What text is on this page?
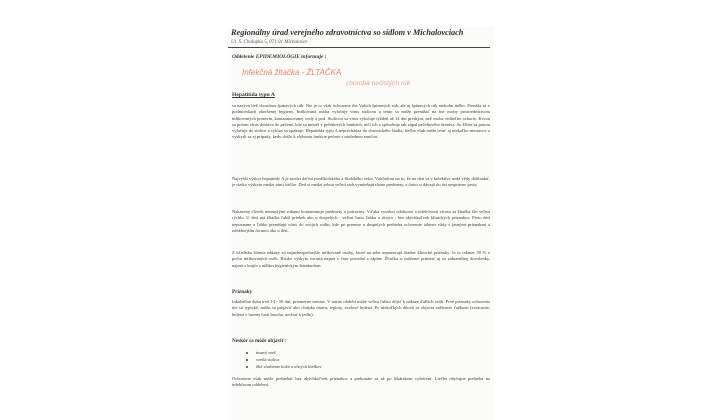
Regionálny úrad verejného zdravotníctva so sídlom v Michalovciach
Ul. S. Chalupku 5, 071 01 Michalovce
Oddelenie EPIDEMIOLÓGIE informuje :
Infekčná žltačka - ŽLTAČKA
choroba nečistých rúk
Hepatitída typu A
sa nazýva tiež chorobou špinavých rúk. Nie je to však ochorenie iba Vašich špinavých rúk, ale aj špinavých rúk niekoho iného. Prenáša sa v podmienkach zhoršenej hygieny. Infikovaná osoba vylučuje vírus stolicou a tento sa môže prenášať na iné osoby prostredníctvom infikovaných potravín, kontaminovanej vody a pod. Stolicou sa vírus vylučuje týždeň až 14 dní predtým, než osoba viditeľne ochorie. Krvou sa potom vírus dostáva do pečene, kde sa množí v pečeňových bunkách, niči ich a spôsobuje tak zápal pečeňového tkaniva. So žlčou sa potom vylučuje do stolice a cyklus sa opakuje. Hepatitída typu A neprechádza do chronického štádia, liečba však môže trvať aj niekoľko mesiacov a vyskytli sa aj prípady, kedy došlo k zlyhaniu funkcie pečene s následnou smrťou.
Najvyšší výskyt hepatitídy A je medzi deťmi predškolského a školského veku. Vzhľadom na to, že na deti sa v kolektíve nedá vždy dohliadať, je riziko výskytu medzi nimi väčšie. Deti si medzi sebou veľmi radi vymieňajú rôzne predmety, a často si dávajú do úst nesprávne prsty.
Nakazený človek neumytými rukami kontaminuje predmety a potraviny. Vďaka vysokej odolnosti a infekčnosti vírusu sa žltačka šíri veľmi rýchlo. U detí má žltačka ľahší priebeh ako u dospelých - veľmi často ľahko a skryto - bez akýchkoľvek klinických príznakov. Preto deti nepoznane a ľahko prenášajú vírus do svojich rodín, kde po prenose u dospelých prebieha ochorenie takmer vždy s jasnými príznakmi a závažnejším formou ako u detí.
Z hľadiska šírenia nákazy sú najnebezpečnejšie infikované osoby, ktoré na sebe nepozorujú žiadne klinické príznaky. Je to takmer 50 % z počtu infikovaných osôb. Riziko výskytu vzrastá najmä v čase povodní a záplav. Žltačka si môžeme priniesť aj zo zahraničnej dovolenky, najmä z krajín s nižším hygienickým štandardom.
Príznaky
Inkubačná doba trvá 14 - 50 dní, priemerne mesiac. V tomto období môže veľmi ľahko dôjsť k nákaze ďalších osôb. Prvé príznaky ochorenia nie sú typické, môžu sa prejaviť ako chrípka únava, teploty, svalové bolesti. Po niekoľkých dňoch sa objavia zažívacie ťažkosti (zvracanie, bolesti v hornej časti brucha, nechuť k jedlu).
Neskôr sa môže objaviť:
tmavý moč
svetlá stolica
žlté sfarbenie kože a očných bielkov
Ochorenie však môže prebiehať bez akýchkoľvek príznakov a prekonáte sa až po lekárskom vyšetrení. Liečba obyčajne prebieha na infekčnom oddelení.
